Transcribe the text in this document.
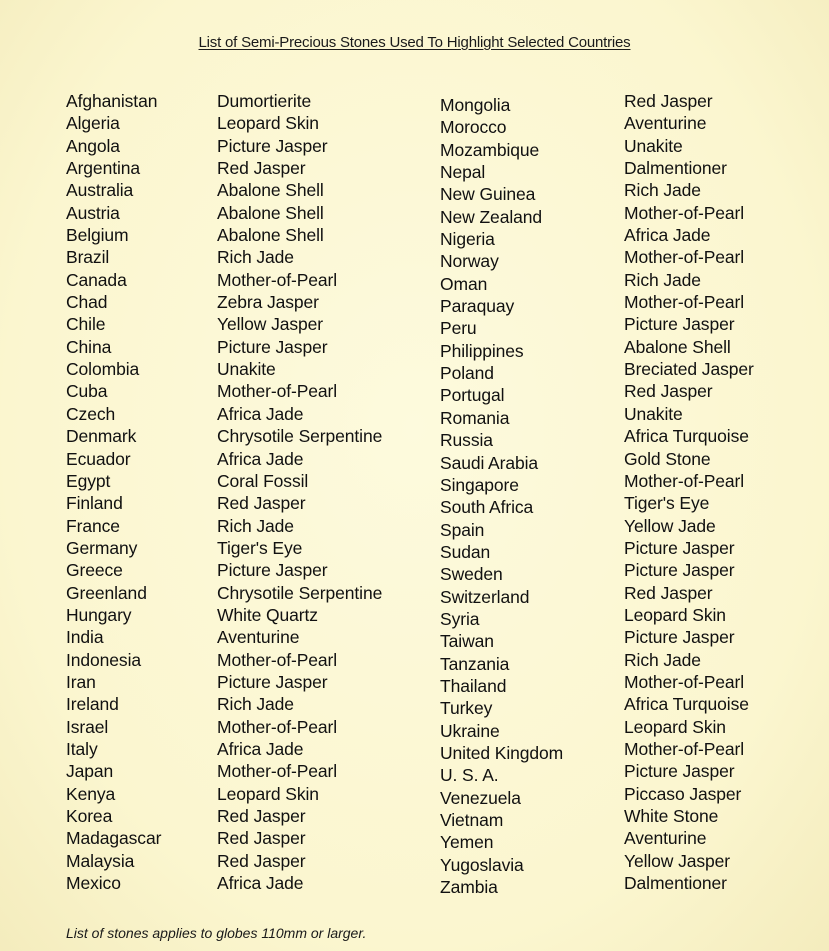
List of Semi-Precious Stones Used To Highlight Selected Countries
Afghanistan
Algeria
Angola
Argentina
Australia
Austria
Belgium
Brazil
Canada
Chad
Chile
China
Colombia
Cuba
Czech
Denmark
Ecuador
Egypt
Finland
France
Germany
Greece
Greenland
Hungary
India
Indonesia
Iran
Ireland
Israel
Italy
Japan
Kenya
Korea
Madagascar
Malaysia
Mexico
Dumortierite
Leopard Skin
Picture Jasper
Red Jasper
Abalone Shell
Abalone Shell
Abalone Shell
Rich Jade
Mother-of-Pearl
Zebra Jasper
Yellow Jasper
Picture Jasper
Unakite
Mother-of-Pearl
Africa Jade
Chrysotile Serpentine
Africa Jade
Coral Fossil
Red Jasper
Rich Jade
Tiger's Eye
Picture Jasper
Chrysotile Serpentine
White Quartz
Aventurine
Mother-of-Pearl
Picture Jasper
Rich Jade
Mother-of-Pearl
Africa Jade
Mother-of-Pearl
Leopard Skin
Red Jasper
Red Jasper
Red Jasper
Africa Jade
Mongolia
Morocco
Mozambique
Nepal
New Guinea
New Zealand
Nigeria
Norway
Oman
Paraquay
Peru
Philippines
Poland
Portugal
Romania
Russia
Saudi Arabia
Singapore
South Africa
Spain
Sudan
Sweden
Switzerland
Syria
Taiwan
Tanzania
Thailand
Turkey
Ukraine
United Kingdom
U. S. A.
Venezuela
Vietnam
Yemen
Yugoslavia
Zambia
Red Jasper
Aventurine
Unakite
Dalmentioner
Rich Jade
Mother-of-Pearl
Africa Jade
Mother-of-Pearl
Rich Jade
Mother-of-Pearl
Picture Jasper
Abalone Shell
Breciated Jasper
Red Jasper
Unakite
Africa Turquoise
Gold Stone
Mother-of-Pearl
Tiger's Eye
Yellow Jade
Picture Jasper
Picture Jasper
Red Jasper
Leopard Skin
Picture Jasper
Rich Jade
Mother-of-Pearl
Africa Turquoise
Leopard Skin
Mother-of-Pearl
Picture Jasper
Piccaso Jasper
White Stone
Aventurine
Yellow Jasper
Dalmentioner
List of stones applies to globes 110mm or larger.
